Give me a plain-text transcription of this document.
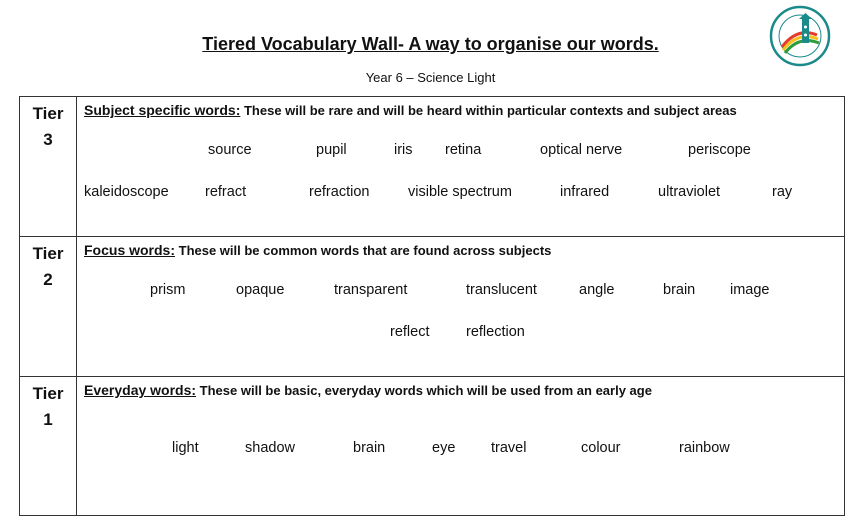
Tiered Vocabulary Wall- A way to organise our words.
Year 6 – Science Light
Tier
3
Subject specific words: These will be rare and will be heard within particular contexts and subject areas
source	pupil	iris retina	optical nerve	periscope
kaleidoscope	refract	refraction	visible spectrum	infrared	ultraviolet	ray
Tier
2
Focus words: These will be common words that are found across subjects
prism	opaque	transparent	translucent	angle	brain image
reflect	reflection
Tier
1
Everyday words: These will be basic, everyday words which will be used from an early age
light	shadow	brain	eye travel	colour	rainbow
